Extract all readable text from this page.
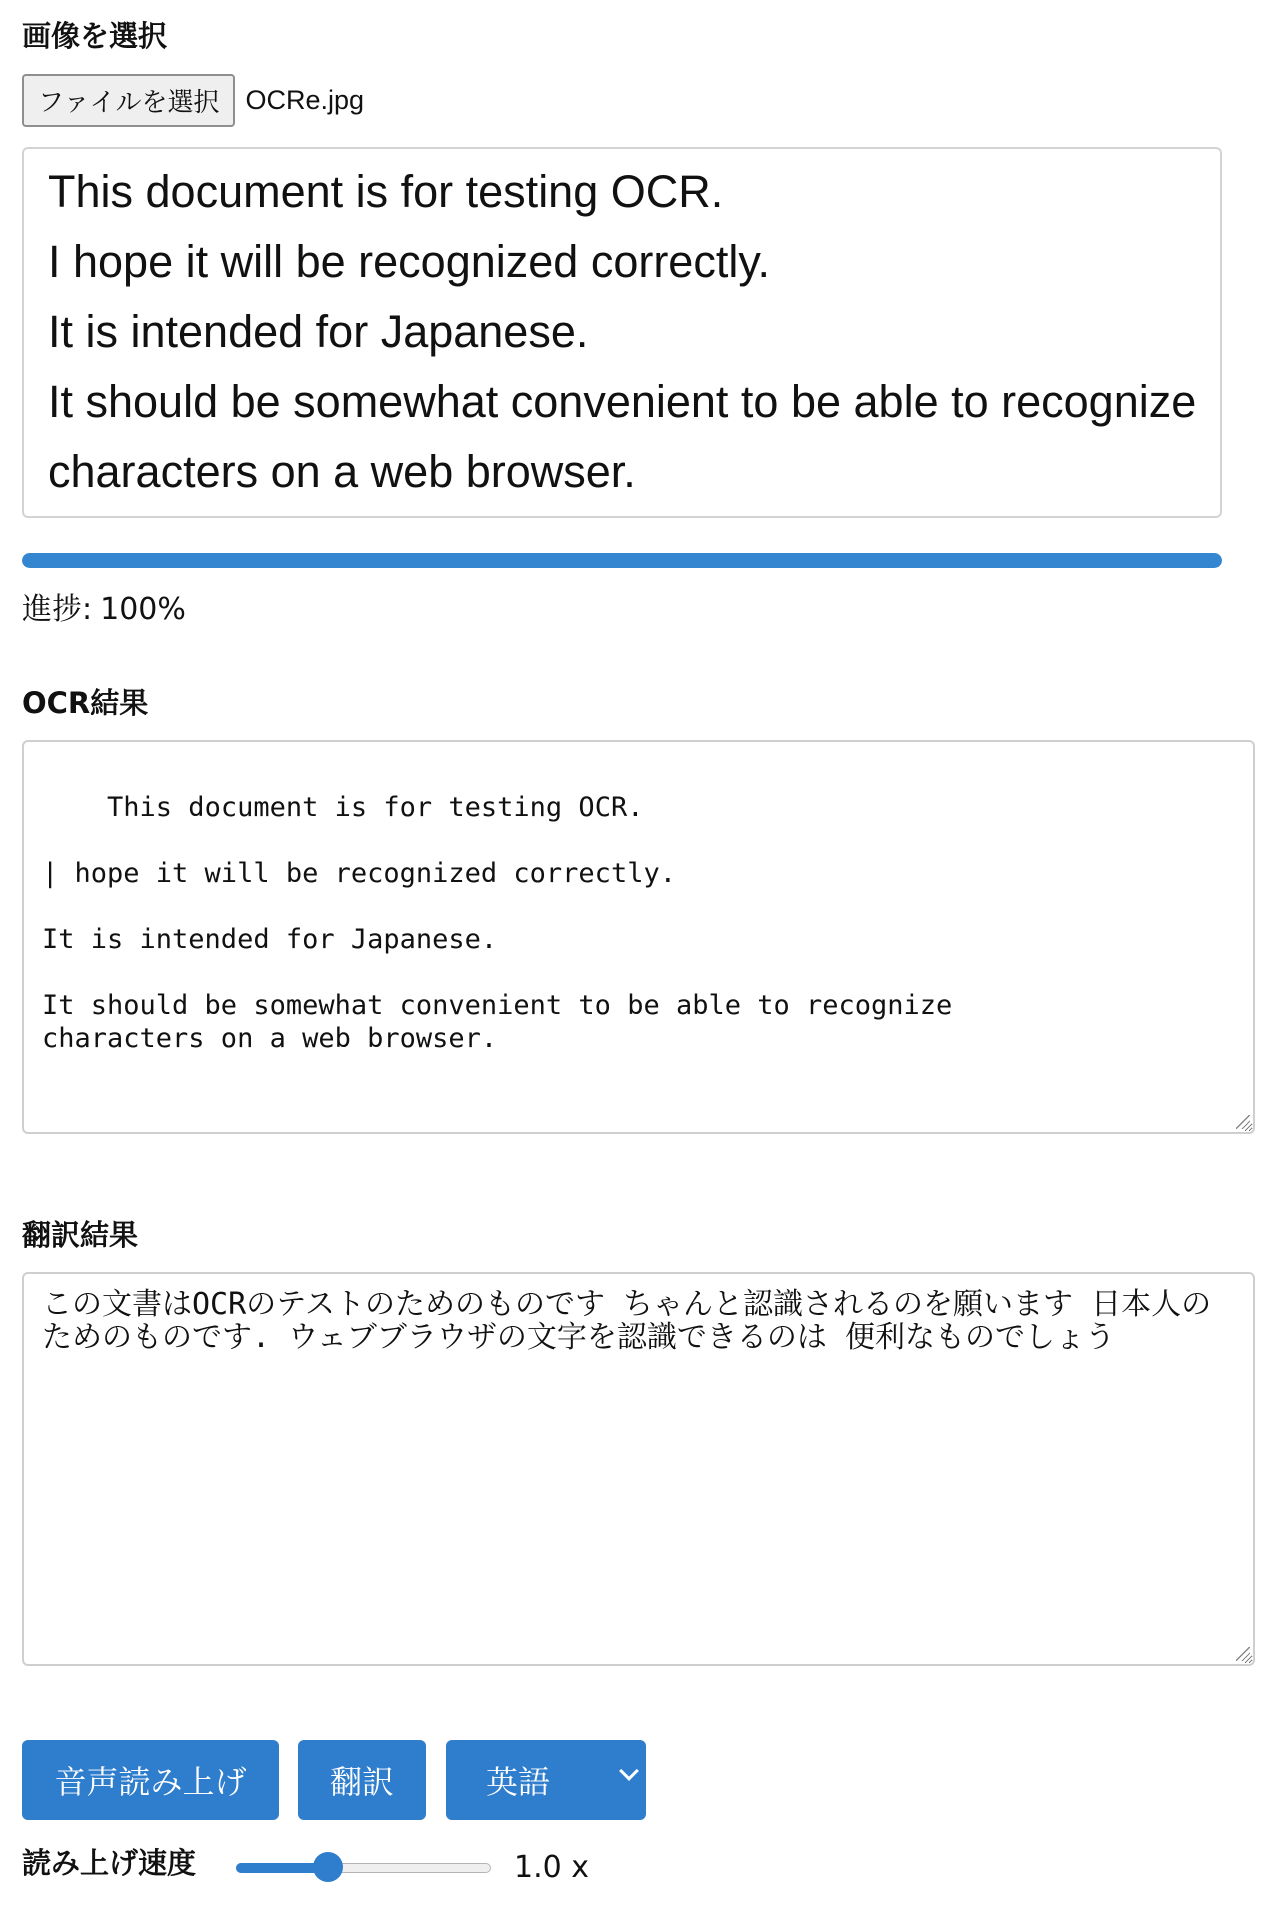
画像を選択
ファイルを選択 OCRe.jpg
This document is for testing OCR.
I hope it will be recognized correctly.
It is intended for Japanese.
It should be somewhat convenient to be able to recognize
characters on a web browser.
進捗: 100%
OCR結果

This document is for testing OCR.

| hope it will be recognized correctly.

It is intended for Japanese.

It should be somewhat convenient to be able to recognize
characters on a web browser.

翻訳結果
この文書はOCRのテストのためのものです ちゃんと認識されるのを願います 日本人のためのものです. ウェブブラウザの文字を認識できるのは 便利なものでしょう
音声読み上げ	翻訳	英語
読み上げ速度	1.0 x
